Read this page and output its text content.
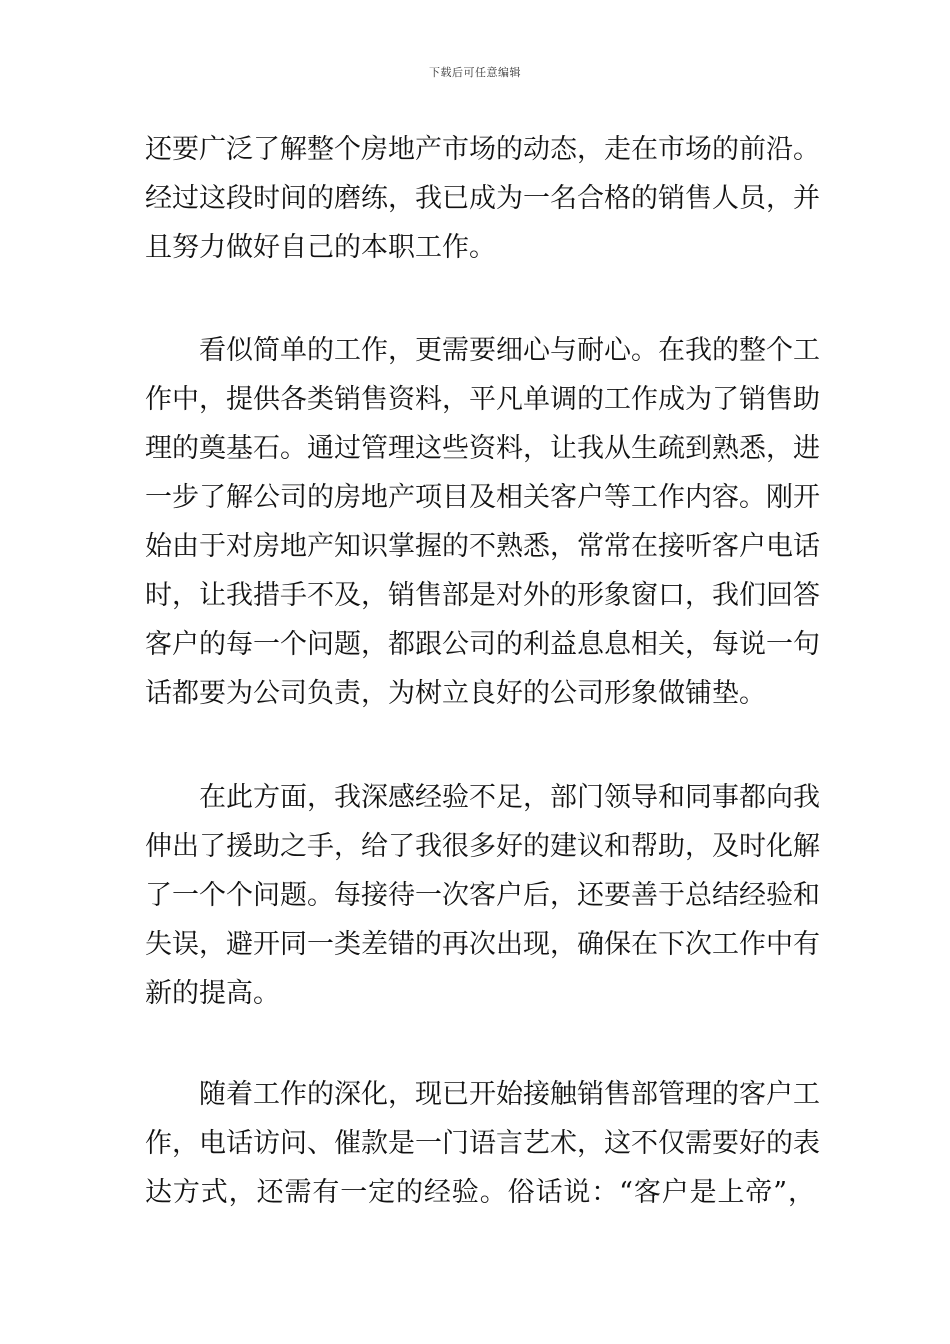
下载后可任意编辑
还要广泛了解整个房地产市场的动态，走在市场的前沿。
经过这段时间的磨练，我已成为一名合格的销售人员，并
且努力做好自己的本职工作。
看似简单的工作，更需要细心与耐心。在我的整个工
作中，提供各类销售资料，平凡单调的工作成为了销售助
理的奠基石。通过管理这些资料，让我从生疏到熟悉，进
一步了解公司的房地产项目及相关客户等工作内容。刚开
始由于对房地产知识掌握的不熟悉，常常在接听客户电话
时，让我措手不及，销售部是对外的形象窗口，我们回答
客户的每一个问题，都跟公司的利益息息相关，每说一句
话都要为公司负责，为树立良好的公司形象做铺垫。
在此方面，我深感经验不足，部门领导和同事都向我
伸出了援助之手，给了我很多好的建议和帮助，及时化解
了一个个问题。每接待一次客户后，还要善于总结经验和
失误，避开同一类差错的再次出现，确保在下次工作中有
新的提高。
随着工作的深化，现已开始接触销售部管理的客户工
作，电话访问、催款是一门语言艺术，这不仅需要好的表
达方式，还需有一定的经验。俗话说：“客户是上帝”，
